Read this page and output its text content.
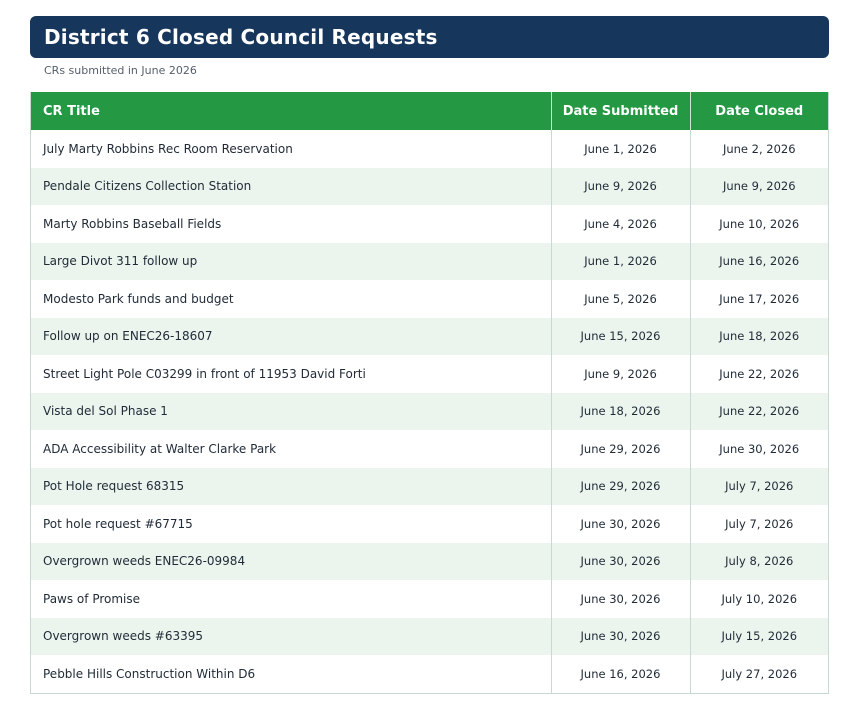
District 6 Closed Council Requests
CRs submitted in June 2026
CR Title	Date Submitted	Date Closed
July Marty Robbins Rec Room Reservation	June 1, 2026	June 2, 2026
Pendale Citizens Collection Station	June 9, 2026	June 9, 2026
Marty Robbins Baseball Fields	June 4, 2026	June 10, 2026
Large Divot 311 follow up	June 1, 2026	June 16, 2026
Modesto Park funds and budget	June 5, 2026	June 17, 2026
Follow up on ENEC26-18607	June 15, 2026	June 18, 2026
Street Light Pole C03299 in front of 11953 David Forti	June 9, 2026	June 22, 2026
Vista del Sol Phase 1	June 18, 2026	June 22, 2026
ADA Accessibility at Walter Clarke Park	June 29, 2026	June 30, 2026
Pot Hole request 68315	June 29, 2026	July 7, 2026
Pot hole request #67715	June 30, 2026	July 7, 2026
Overgrown weeds ENEC26-09984	June 30, 2026	July 8, 2026
Paws of Promise	June 30, 2026	July 10, 2026
Overgrown weeds #63395	June 30, 2026	July 15, 2026
Pebble Hills Construction Within D6	June 16, 2026	July 27, 2026
